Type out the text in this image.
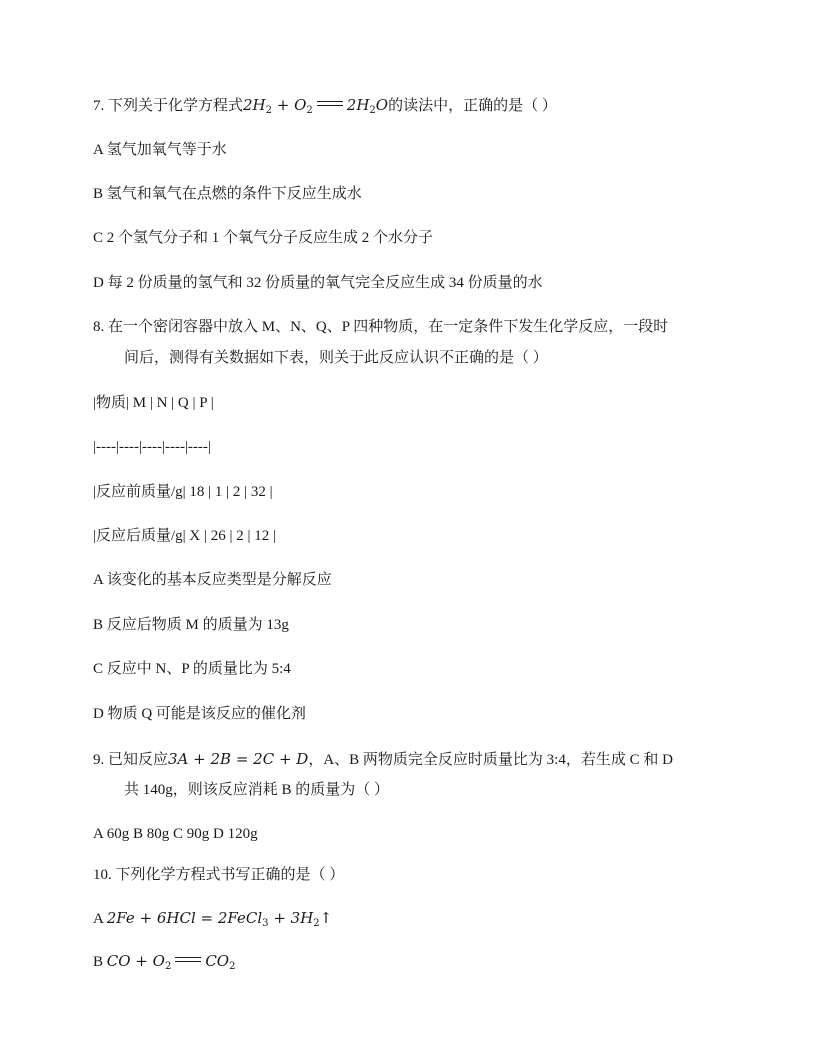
7. 下列关于化学方程式$2H_2 + O_2$ $2H_2O$的读法中，正确的是（ ）
A 氢气加氧气等于水
B 氢气和氧气在点燃的条件下反应生成水
C 2 个氢气分子和 1 个氧气分子反应生成 2 个水分子
D 每 2 份质量的氢气和 32 份质量的氧气完全反应生成 34 份质量的水
8. 在一个密闭容器中放入 M、N、Q、P 四种物质，在一定条件下发生化学反应，一段时
间后，测得有关数据如下表，则关于此反应认识不正确的是（ ）
|物质| M | N | Q | P |
|----|----|----|----|----|
|反应前质量/g| 18 | 1 | 2 | 32 |
|反应后质量/g| X | 26 | 2 | 12 |
A 该变化的基本反应类型是分解反应
B 反应后物质 M 的质量为 13g
C 反应中 N、P 的质量比为 5:4
D 物质 Q 可能是该反应的催化剂
9. 已知反应3A + 2B = 2C + D，A、B 两物质完全反应时质量比为 3:4，若生成 C 和 D
共 140g，则该反应消耗 B 的质量为（ ）
A 60g B 80g C 90g D 120g
10. 下列化学方程式书写正确的是（ ）
A 2Fe + 6HCl = 2FeCl$_3$ + $3H_2↑$
B CO + $O_2$ $CO_2$
